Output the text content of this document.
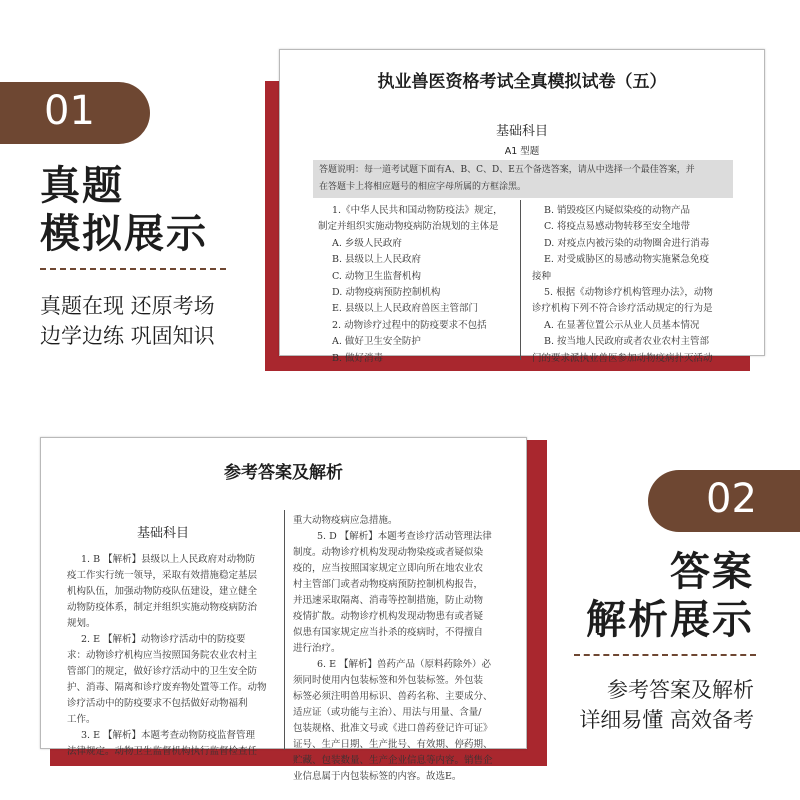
01
真题
模拟展示
真题在现 还原考场
边学边练 巩固知识
执业兽医资格考试全真模拟试卷（五）
基础科目
A1 型题
答题说明：每一道考试题下面有A、B、C、D、E五个备选答案，请从中选择一个最佳答案，并
在答题卡上将相应题号的相应字母所属的方框涂黑。
1.《中华人民共和国动物防疫法》规定，
制定并组织实施动物疫病防治规划的主体是
A. 乡级人民政府
B. 县级以上人民政府
C. 动物卫生监督机构
D. 动物疫病预防控制机构
E. 县级以上人民政府兽医主管部门
2. 动物诊疗过程中的防疫要求不包括
A. 做好卫生安全防护
B. 做好消毒
B. 销毁疫区内疑似染疫的动物产品
C. 将疫点易感动物转移至安全地带
D. 对疫点内被污染的动物圈舍进行消毒
E. 对受威胁区的易感动物实施紧急免疫
接种
5. 根据《动物诊疗机构管理办法》，动物
诊疗机构下列不符合诊疗活动规定的行为是
A. 在显著位置公示从业人员基本情况
B. 按当地人民政府或者农业农村主管部
门的要求派执业兽医参加动物疫病扑灭活动
参考答案及解析
基础科目
1. B 【解析】县级以上人民政府对动物防
疫工作实行统一领导，采取有效措施稳定基层
机构队伍，加强动物防疫队伍建设，建立健全
动物防疫体系，制定并组织实施动物疫病防治
规划。
2. E 【解析】动物诊疗活动中的防疫要
求：动物诊疗机构应当按照国务院农业农村主
管部门的规定，做好诊疗活动中的卫生安全防
护、消毒、隔离和诊疗废弃物处置等工作。动物
诊疗活动中的防疫要求不包括做好动物福利
工作。
3. E 【解析】本题考查动物防疫监督管理
法律规定。动物卫生监督机构执行监督检查任
重大动物疫病应急措施。
5. D 【解析】本题考查诊疗活动管理法律
制度。动物诊疗机构发现动物染疫或者疑似染
疫的，应当按照国家规定立即向所在地农业农
村主管部门或者动物疫病预防控制机构报告，
并迅速采取隔离、消毒等控制措施，防止动物
疫情扩散。动物诊疗机构发现动物患有或者疑
似患有国家规定应当扑杀的疫病时，不得擅自
进行治疗。
6. E 【解析】兽药产品（原料药除外）必
须同时使用内包装标签和外包装标签。外包装
标签必须注明兽用标识、兽药名称、主要成分、
适应证（或功能与主治）、用法与用量、含量/
包装规格、批准文号或《进口兽药登记许可证》
证号、生产日期、生产批号、有效期、停药期、
贮藏、包装数量、生产企业信息等内容。销售企
业信息属于内包装标签的内容。故选E。
02
答案
解析展示
参考答案及解析
详细易懂 高效备考
